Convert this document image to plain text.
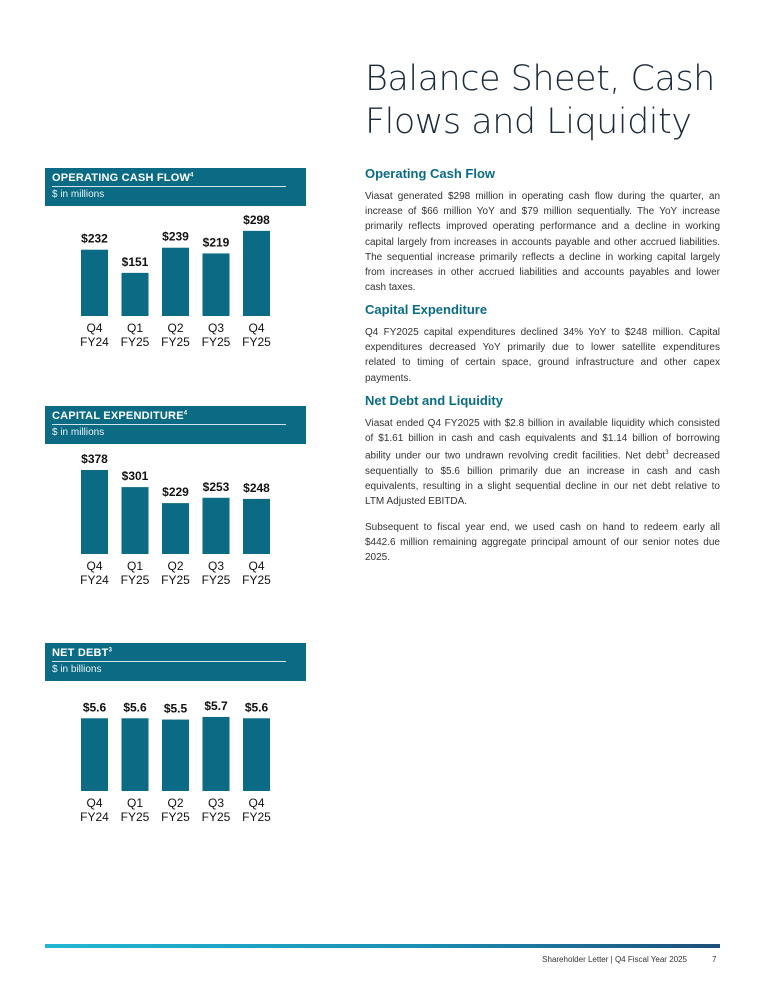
Balance Sheet, Cash
Flows and Liquidity
OPERATING CASH FLOW$^4$
$ in millions
$232
Q4
FY24
$151
Q1
FY25
$239
Q2
FY25
$219
Q3
FY25
$298
Q4
FY25
CAPITAL EXPENDITURE$^4$
$ in millions
$378
Q4
FY24
$301
Q1
FY25
$229
Q2
FY25
$253
Q3
FY25
$248
Q4
FY25
NET DEBT$^3$
$ in billions
$5.6
Q4
FY24
$5.6
Q1
FY25
$5.5
Q2
FY25
$5.7
Q3
FY25
$5.6
Q4
FY25
Operating Cash Flow

Viasat generated $298 million in operating cash flow during the quarter, an increase of $66 million YoY and $79 million sequentially. The YoY increase primarily reflects improved operating performance and a decline in working capital largely from increases in accounts payable and other accrued liabilities. The sequential increase primarily reflects a decline in working capital largely from increases in other accrued liabilities and accounts payables and lower cash taxes.

Capital Expenditure

Q4 FY2025 capital expenditures declined 34% YoY to $248 million. Capital expenditures decreased YoY primarily due to lower satellite expenditures related to timing of certain space, ground infrastructure and other capex payments.

Net Debt and Liquidity

Viasat ended Q4 FY2025 with $2.8 billion in available liquidity which consisted of $1.61 billion in cash and cash equivalents and $1.14 billion of borrowing ability under our two undrawn revolving credit facilities. Net debt$^3$ decreased sequentially to $5.6 billion primarily due an increase in cash and cash equivalents, resulting in a slight sequential decline in our net debt relative to LTM Adjusted EBITDA.

Subsequent to fiscal year end, we used cash on hand to redeem early all $442.6 million remaining aggregate principal amount of our senior notes due 2025.

Shareholder Letter | Q4 Fiscal Year 2025	7
